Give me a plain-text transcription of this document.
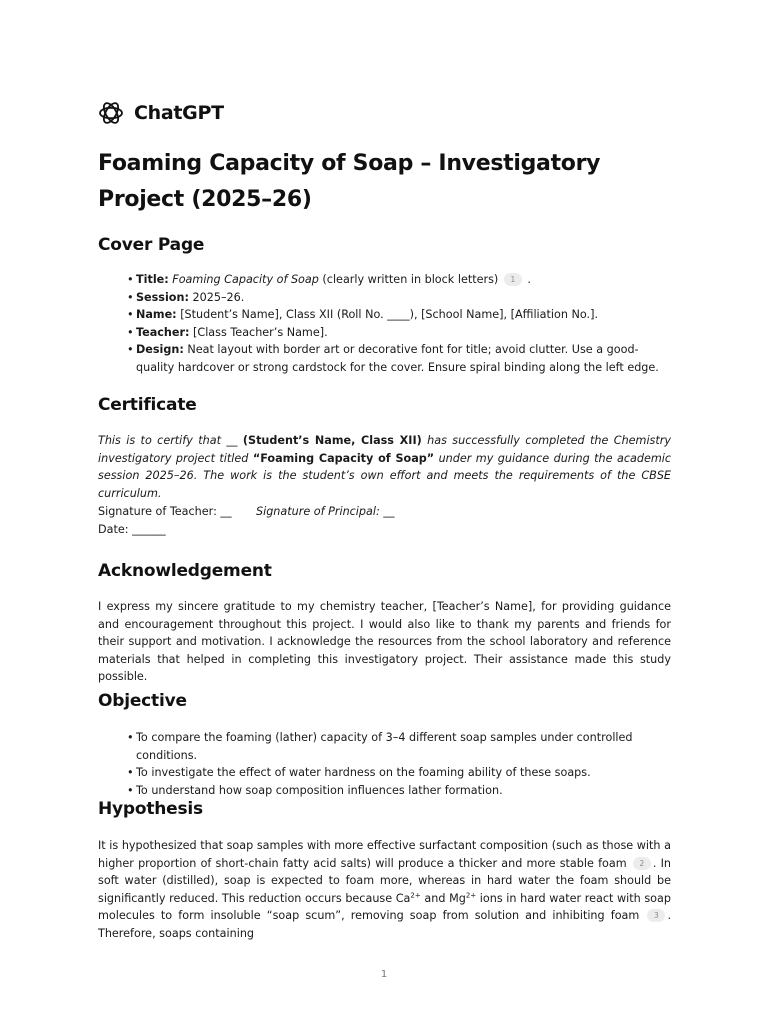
ChatGPT
Foaming Capacity of Soap – Investigatory Project (2025–26)
Cover Page
• Title: Foaming Capacity of Soap (clearly written in block letters) 1 .
• Session: 2025–26.
• Name: [Student’s Name], Class XII (Roll No. ____), [School Name], [Affiliation No.].
• Teacher: [Class Teacher’s Name].
• Design: Neat layout with border art or decorative font for title; avoid clutter. Use a good-quality hardcover or strong cardstock for the cover. Ensure spiral binding along the left edge.
Certificate

This is to certify that __ (Student’s Name, Class XII) has successfully completed the Chemistry investigatory project titled “Foaming Capacity of Soap” under my guidance during the academic session 2025–26. The work is the student’s own effort and meets the requirements of the CBSE curriculum.

Signature of Teacher: __ Signature of Principal: __
Date: ______
Acknowledgement

I express my sincere gratitude to my chemistry teacher, [Teacher’s Name], for providing guidance and encouragement throughout this project. I would also like to thank my parents and friends for their support and motivation. I acknowledge the resources from the school laboratory and reference materials that helped in completing this investigatory project. Their assistance made this study possible.

Objective
• To compare the foaming (lather) capacity of 3–4 different soap samples under controlled conditions.
• To investigate the effect of water hardness on the foaming ability of these soaps.
• To understand how soap composition influences lather formation.
Hypothesis

It is hypothesized that soap samples with more effective surfactant composition (such as those with a higher proportion of short-chain fatty acid salts) will produce a thicker and more stable foam 2 . In soft water (distilled), soap is expected to foam more, whereas in hard water the foam should be significantly reduced. This reduction occurs because $Ca^{2+}$ and $Mg^{2+}$ ions in hard water react with soap molecules to form insoluble “soap scum”, removing soap from solution and inhibiting foam 3 . Therefore, soaps containing

1
